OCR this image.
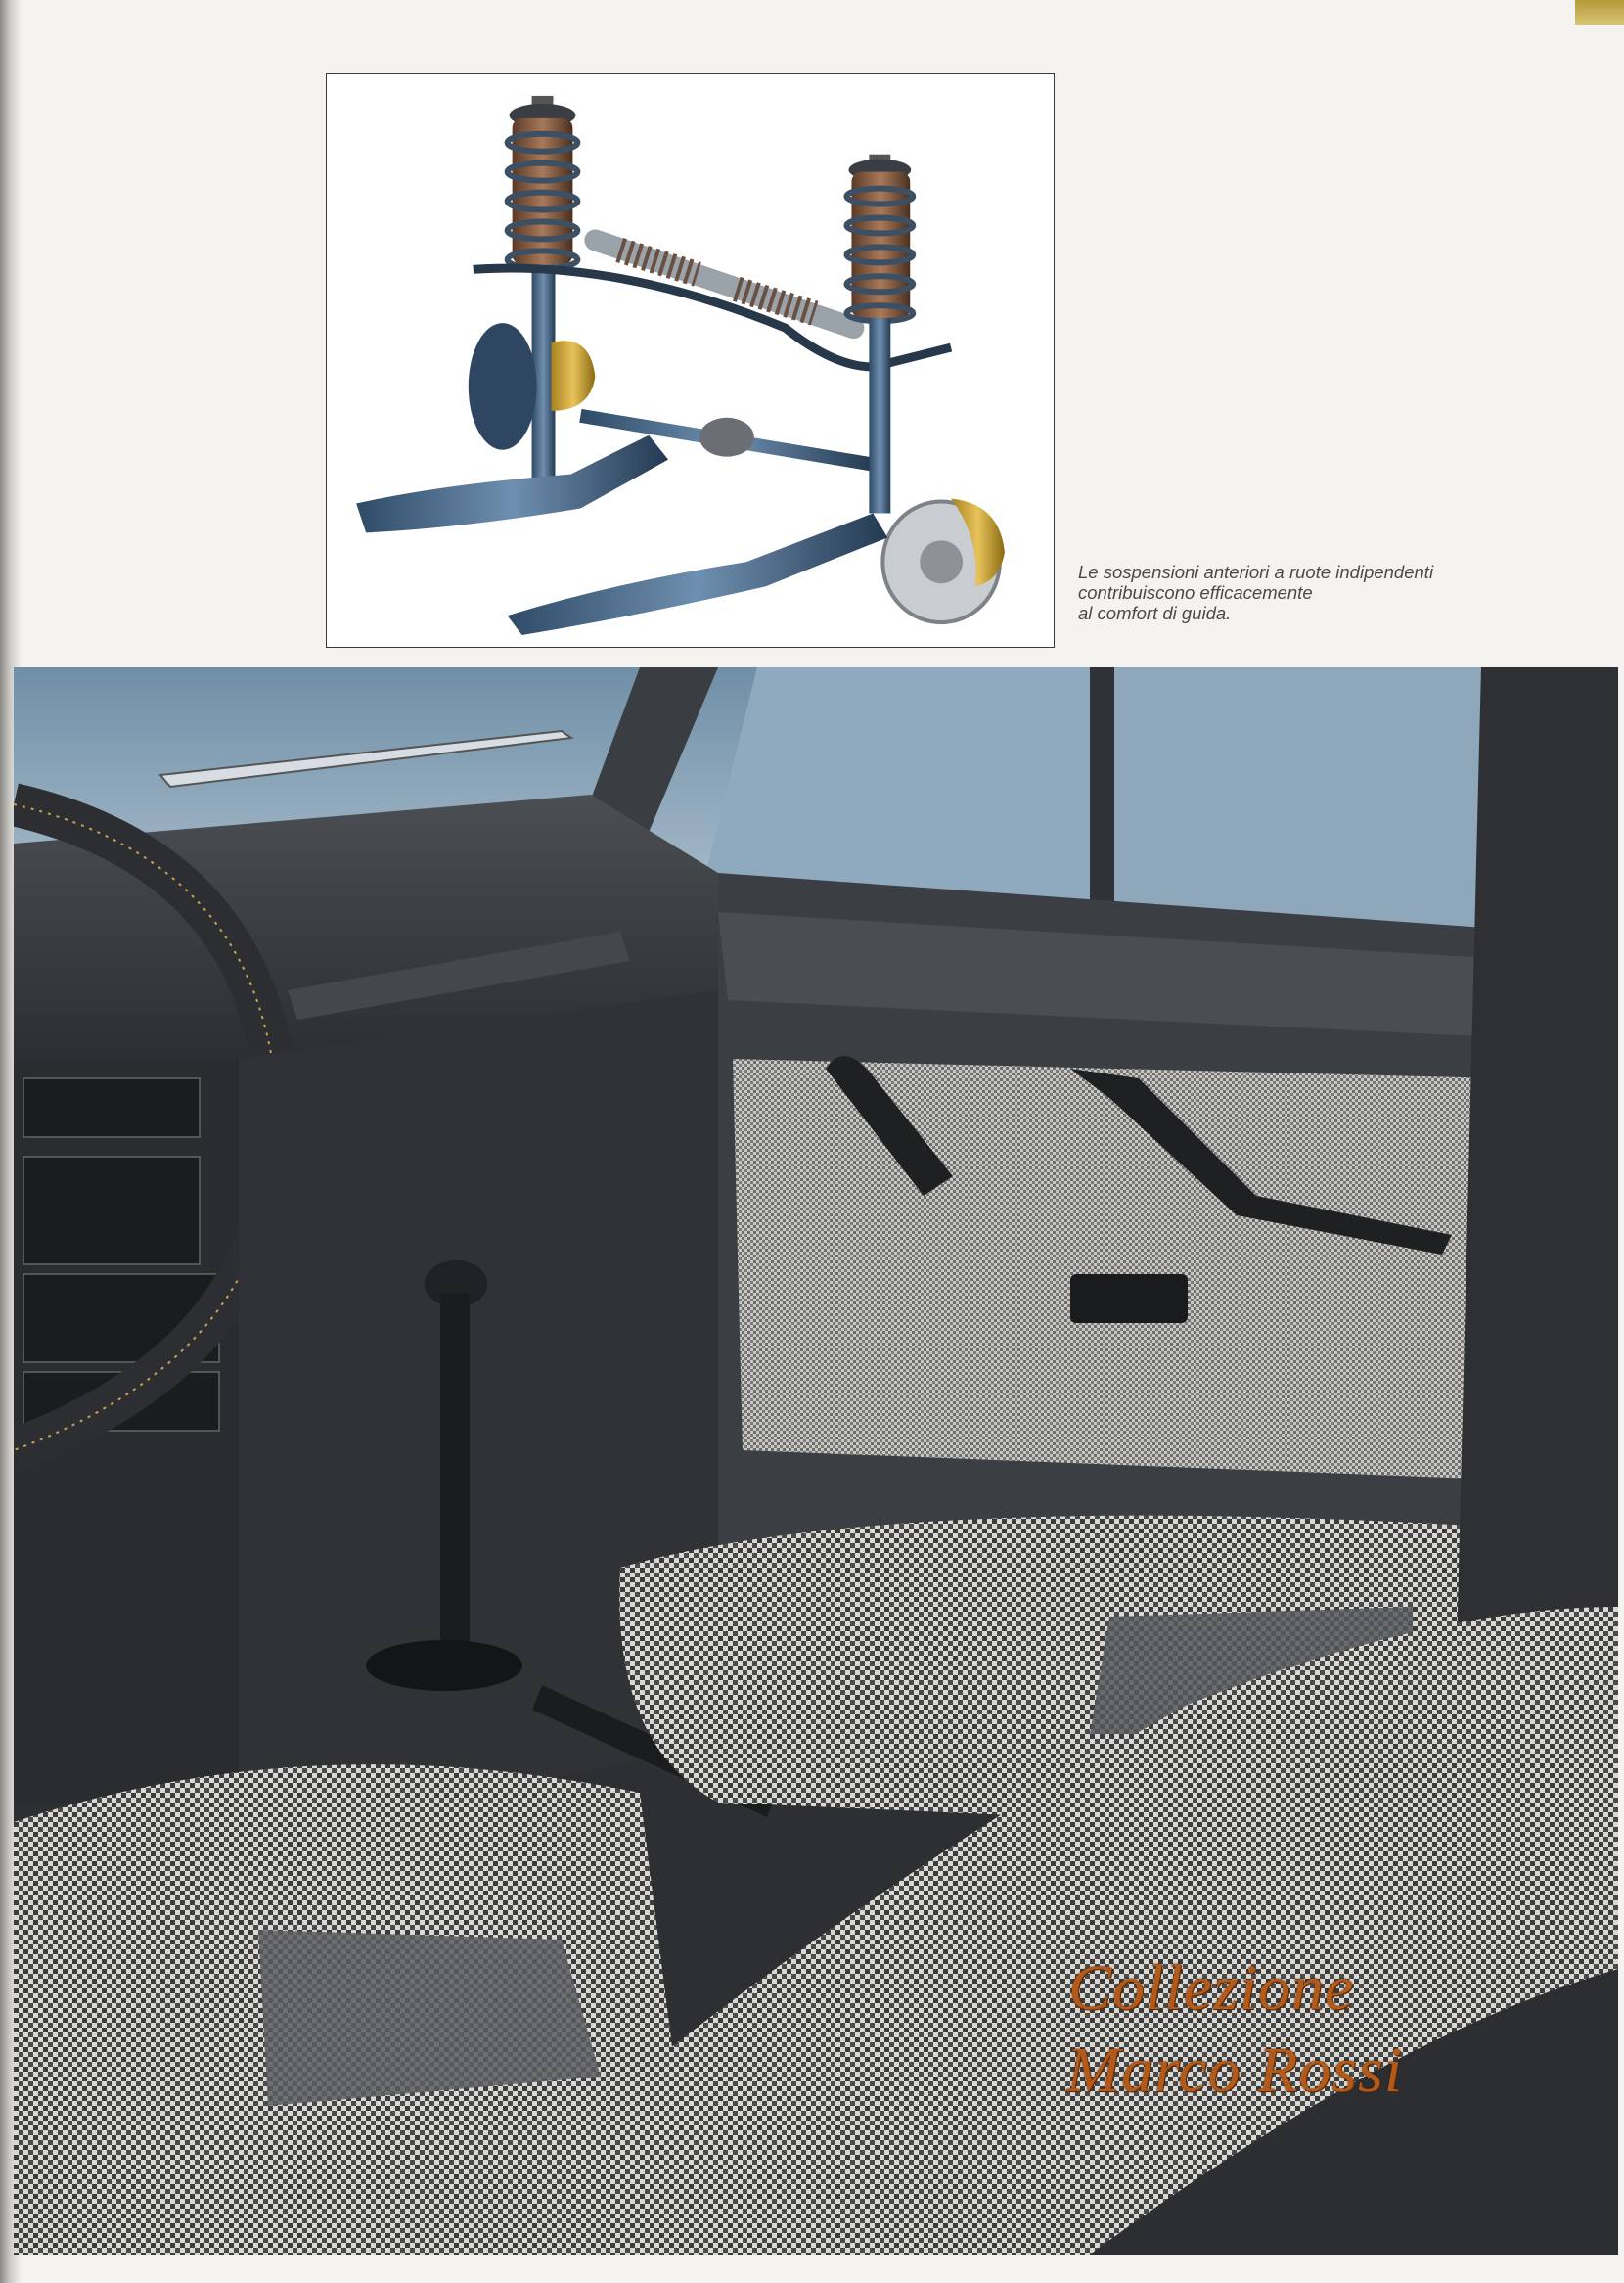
Le sospensioni anteriori a ruote indipendenti
contribuiscono efficacemente
al comfort di guida.
Collezione
Marco Rossi
